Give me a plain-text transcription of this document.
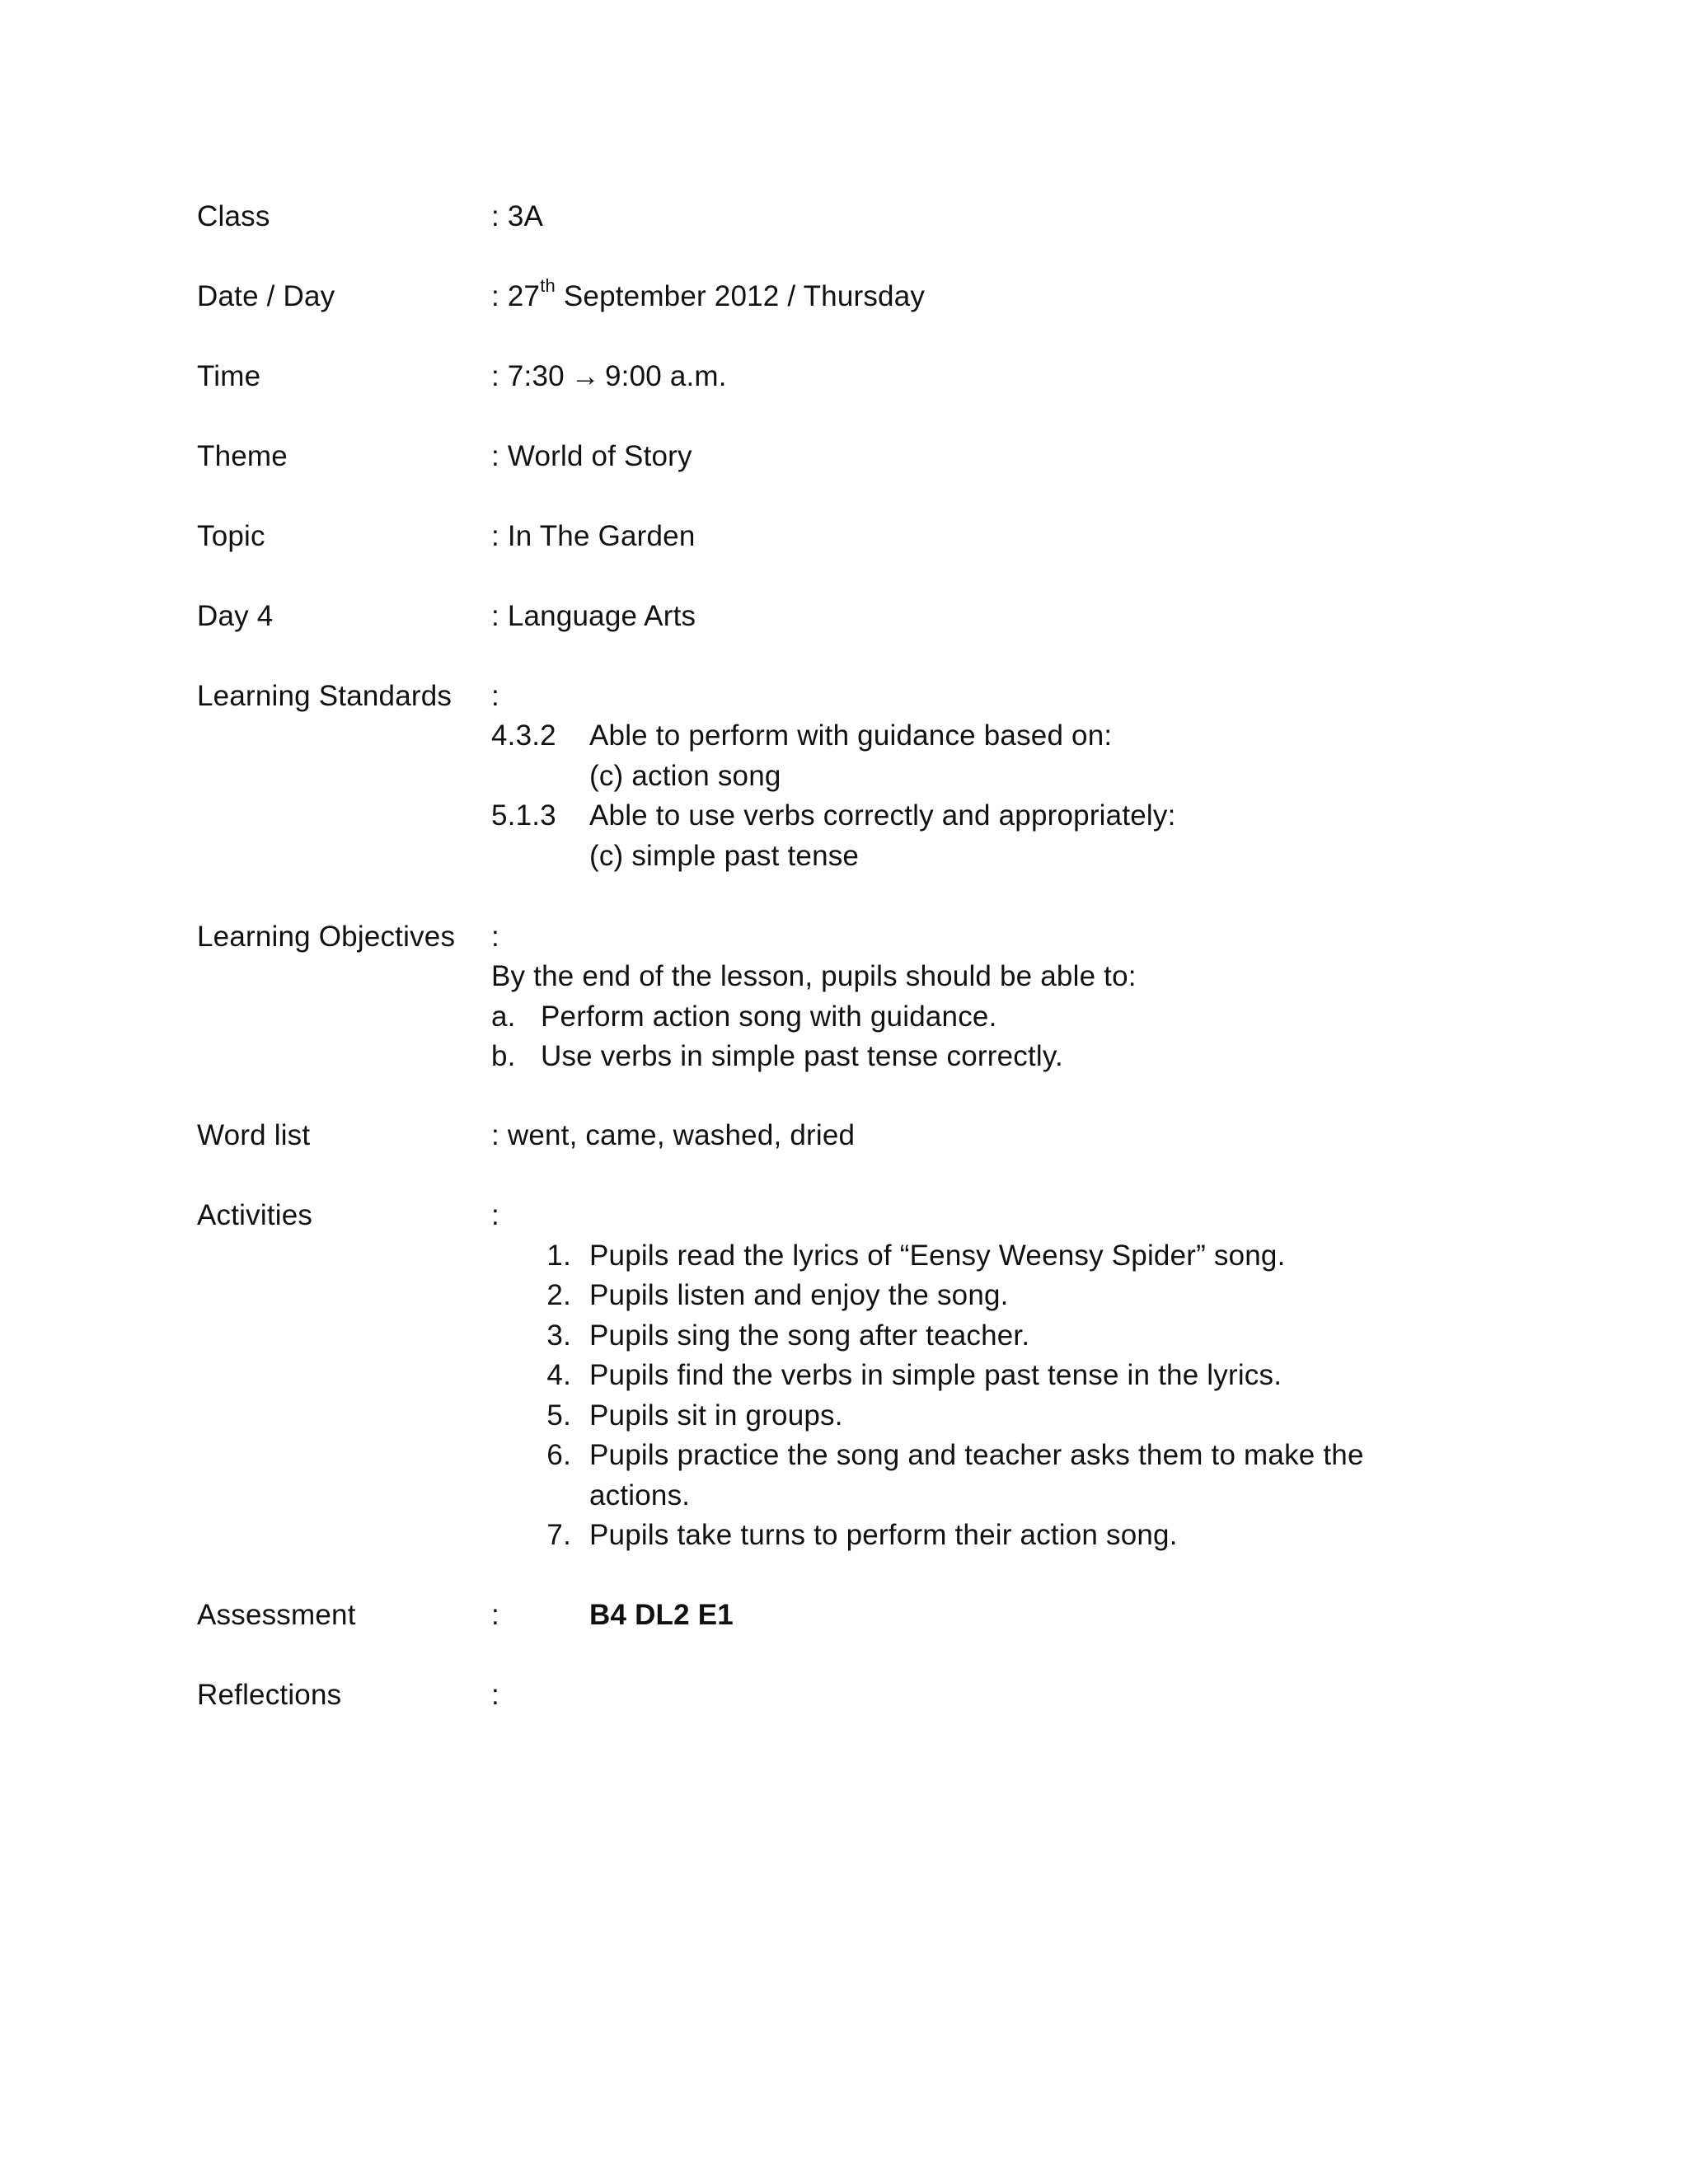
Class	: 3A
Date / Day	: 27th September 2012 / Thursday
Time	: 7:30 → 9:00 a.m.
Theme	: World of Story
Topic	: In The Garden
Day 4	: Language Arts
Learning Standards :
4.3.2 Able to perform with guidance based on:
(c) action song
5.1.3 Able to use verbs correctly and appropriately:
(c) simple past tense
Learning Objectives :
By the end of the lesson, pupils should be able to:
a. Perform action song with guidance.
b. Use verbs in simple past tense correctly.
Word list	: went, came, washed, dried
Activities	:
1. Pupils read the lyrics of “Eensy Weensy Spider” song.
2. Pupils listen and enjoy the song.
3. Pupils sing the song after teacher.
4. Pupils find the verbs in simple past tense in the lyrics.
5. Pupils sit in groups.
6. Pupils practice the song and teacher asks them to make the
actions.
7. Pupils take turns to perform their action song.
Assessment	:	B4 DL2 E1
Reflections	:
